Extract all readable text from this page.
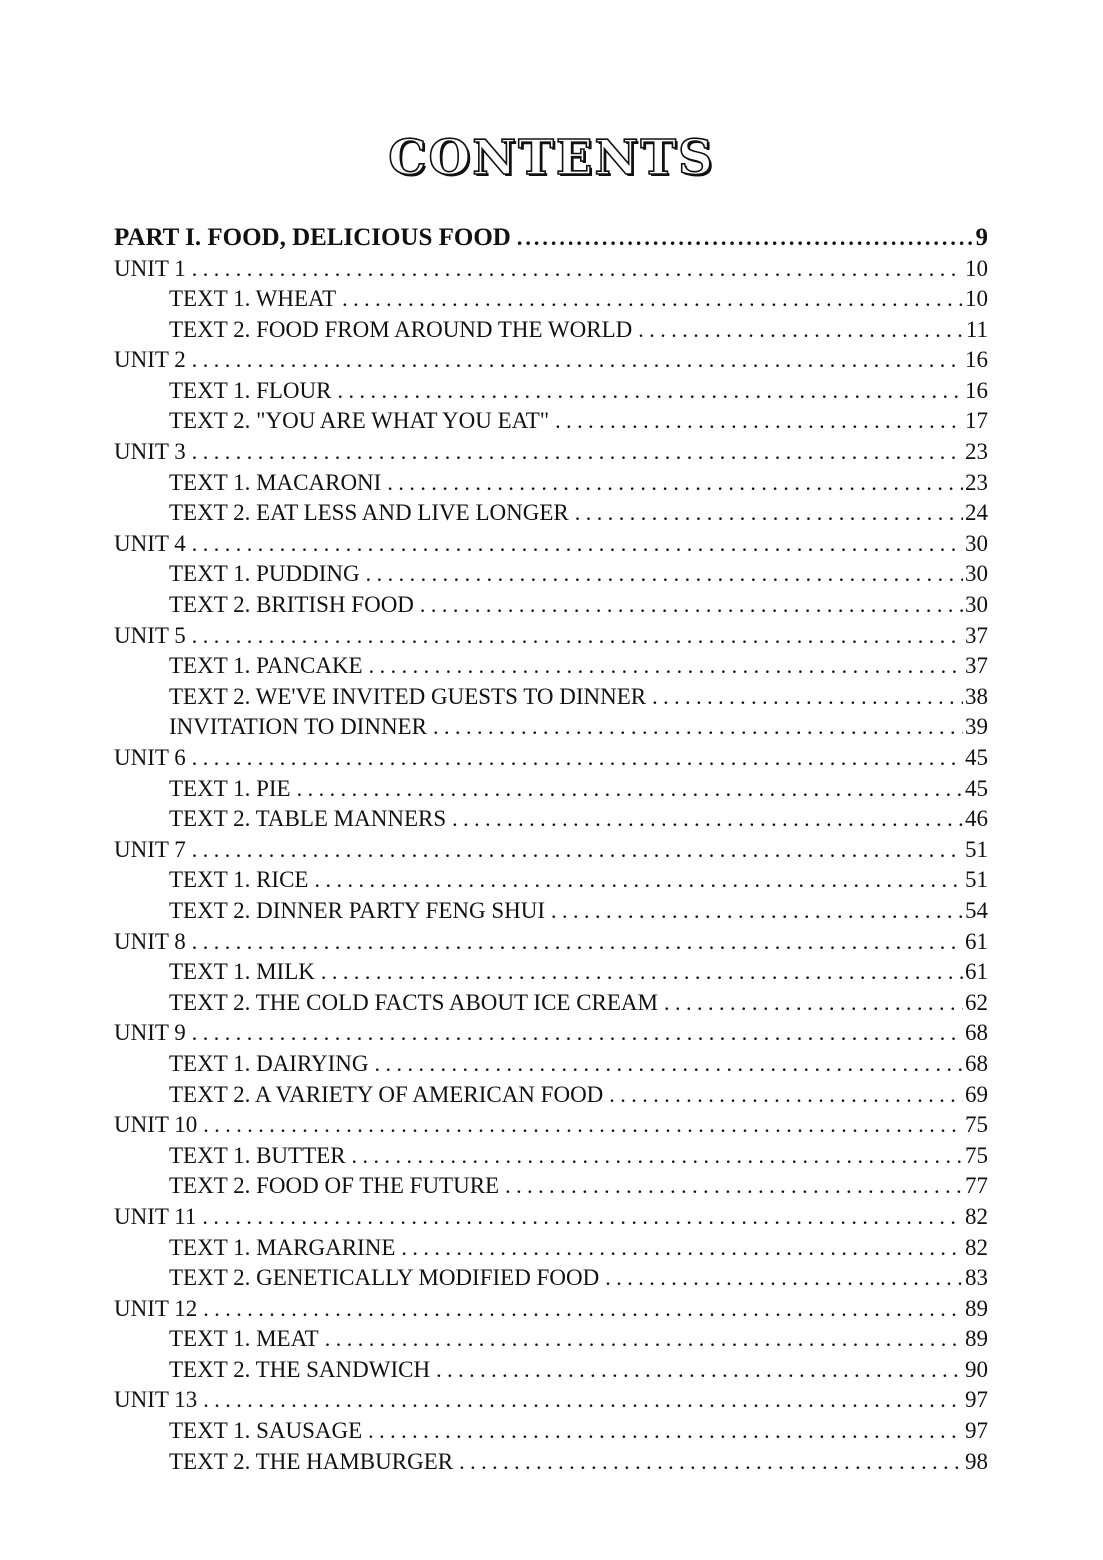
CONTENTS
PART I. FOOD, DELICIOUS FOOD .....	9
UNIT 1 . . .	10
TEXT 1. WHEAT . . .	10
TEXT 2. FOOD FROM AROUND THE WORLD . . .	11
UNIT 2 . . .	16
TEXT 1. FLOUR . . .	16
TEXT 2. "YOU ARE WHAT YOU EAT" . . .	17
UNIT 3 . . .	23
TEXT 1. MACARONI . . .	23
TEXT 2. EAT LESS AND LIVE LONGER . . .	24
UNIT 4 . . .	30
TEXT 1. PUDDING . . .	30
TEXT 2. BRITISH FOOD . . .	30
UNIT 5 . . .	37
TEXT 1. PANCAKE . . .	37
TEXT 2. WE'VE INVITED GUESTS TO DINNER . . .	38
INVITATION TO DINNER . . .	39
UNIT 6 . . .	45
TEXT 1. PIE . . .	45
TEXT 2. TABLE MANNERS . . .	46
UNIT 7 . . .	51
TEXT 1. RICE . . .	51
TEXT 2. DINNER PARTY FENG SHUI . . .	54
UNIT 8 . . .	61
TEXT 1. MILK . . .	61
TEXT 2. THE COLD FACTS ABOUT ICE CREAM . . .	62
UNIT 9 . . .	68
TEXT 1. DAIRYING . . .	68
TEXT 2. A VARIETY OF AMERICAN FOOD . . .	69
UNIT 10 . . .	75
TEXT 1. BUTTER . . .	75
TEXT 2. FOOD OF THE FUTURE . . .	77
UNIT 11 . . .	82
TEXT 1. MARGARINE . . .	82
TEXT 2. GENETICALLY MODIFIED FOOD . . .	83
UNIT 12 . . .	89
TEXT 1. MEAT . . .	89
TEXT 2. THE SANDWICH . . .	90
UNIT 13 . . .	97
TEXT 1. SAUSAGE . . .	97
TEXT 2. THE HAMBURGER . . .	98
